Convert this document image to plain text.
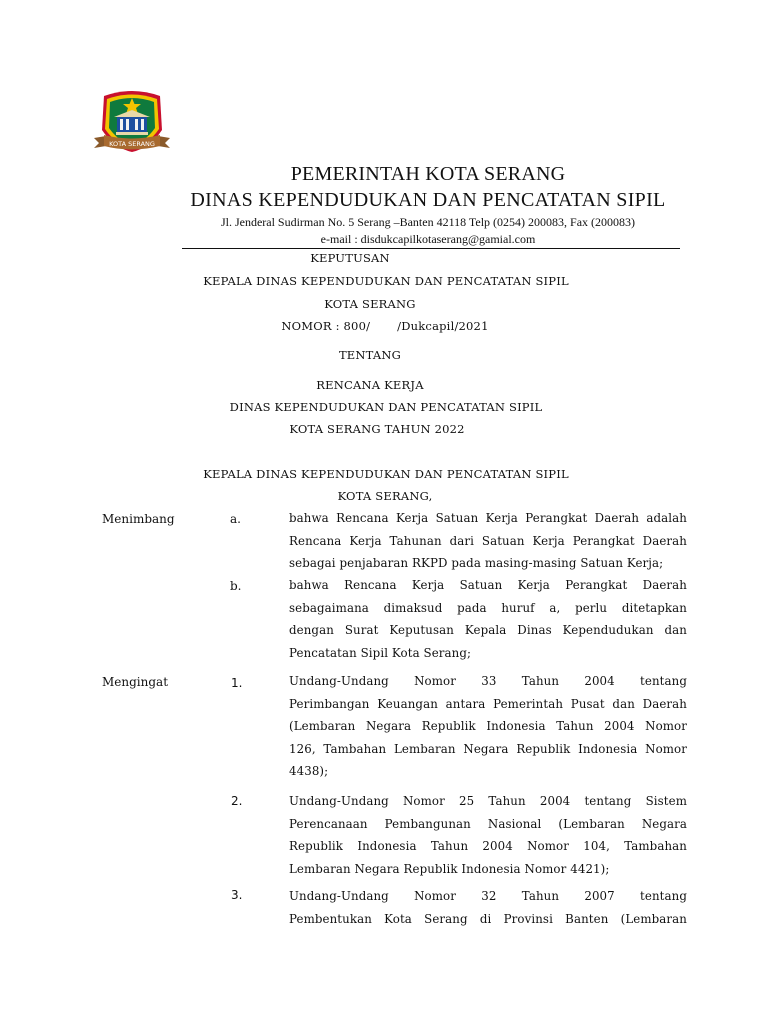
KOTA SERANG
PEMERINTAH KOTA SERANG
DINAS KEPENDUDUKAN DAN PENCATATAN SIPIL
Jl. Jenderal Sudirman No. 5 Serang –Banten 42118 Telp (0254) 200083, Fax (200083)
e-mail : disdukcapilkotaserang@gamial.com
KEPUTUSAN
KEPALA DINAS KEPENDUDUKAN DAN PENCATATAN SIPIL
KOTA SERANG
NOMOR : 800/       /Dukcapil/2021
TENTANG
RENCANA KERJA
DINAS KEPENDUDUKAN DAN PENCATATAN SIPIL
KOTA SERANG TAHUN 2022
KEPALA DINAS KEPENDUDUKAN DAN PENCATATAN SIPIL
KOTA SERANG,
Menimbang	a.	bahwa Rencana Kerja Satuan Kerja Perangkat Daerah adalah
Rencana Kerja Tahunan dari Satuan Kerja Perangkat Daerah
sebagai penjabaran RKPD pada masing-masing Satuan Kerja;
b.	bahwa Rencana Kerja Satuan Kerja Perangkat Daerah
sebagaimana dimaksud pada huruf a, perlu ditetapkan
dengan Surat Keputusan Kepala Dinas Kependudukan dan
Pencatatan Sipil Kota Serang;
Mengingat	1.	Undang-Undang Nomor 33 Tahun 2004 tentang
Perimbangan Keuangan antara Pemerintah Pusat dan Daerah
(Lembaran Negara Republik Indonesia Tahun 2004 Nomor
126, Tambahan Lembaran Negara Republik Indonesia Nomor
4438);
2.	Undang-Undang Nomor 25 Tahun 2004 tentang Sistem
Perencanaan Pembangunan Nasional (Lembaran Negara
Republik Indonesia Tahun 2004 Nomor 104, Tambahan
Lembaran Negara Republik Indonesia Nomor 4421);
3.	Undang-Undang Nomor 32 Tahun 2007 tentang
Pembentukan Kota Serang di Provinsi Banten (Lembaran
